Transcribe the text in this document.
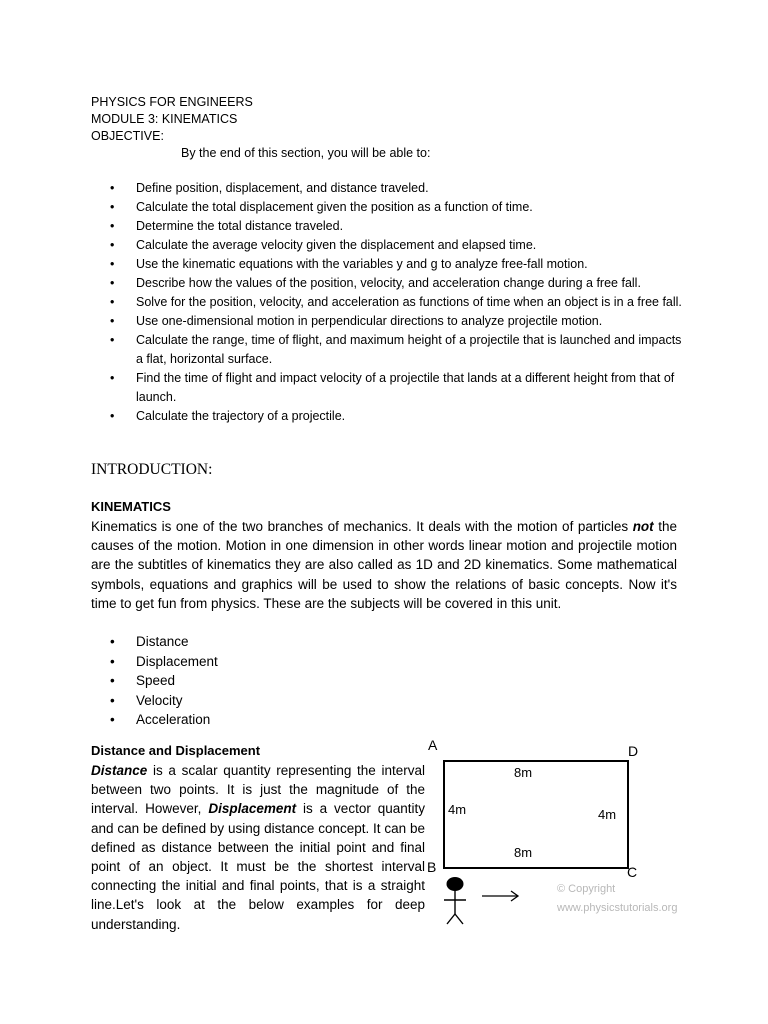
PHYSICS FOR ENGINEERS
MODULE 3: KINEMATICS
OBJECTIVE:
By the end of this section, you will be able to:
• Define position, displacement, and distance traveled.
• Calculate the total displacement given the position as a function of time.
• Determine the total distance traveled.
• Calculate the average velocity given the displacement and elapsed time.
• Use the kinematic equations with the variables y and g to analyze free-fall motion.
• Describe how the values of the position, velocity, and acceleration change during a free fall.
• Solve for the position, velocity, and acceleration as functions of time when an object is in a free fall.
• Use one-dimensional motion in perpendicular directions to analyze projectile motion.
• Calculate the range, time of flight, and maximum height of a projectile that is launched and impacts a flat, horizontal surface.
• Find the time of flight and impact velocity of a projectile that lands at a different height from that of launch.
• Calculate the trajectory of a projectile.
INTRODUCTION:
KINEMATICS

Kinematics is one of the two branches of mechanics. It deals with the motion of particles not the causes of the motion. Motion in one dimension in other words linear motion and projectile motion are the subtitles of kinematics they are also called as 1D and 2D kinematics. Some mathematical symbols, equations and graphics will be used to show the relations of basic concepts. Now it's time to get fun from physics. These are the subjects will be covered in this unit.

• Distance
• Displacement
• Speed
• Velocity
• Acceleration
Distance and Displacement

Distance is a scalar quantity representing the interval between two points. It is just the magnitude of the interval. However, Displacement is a vector quantity and can be defined by using distance concept. It can be defined as distance between the initial point and final point of an object. It must be the shortest interval connecting the initial and final points, that is a straight line.Let's look at the below examples for deep understanding.

A	D
B	C
8m
8m
4m	4m
© Copyright
www.physicstutorials.org
